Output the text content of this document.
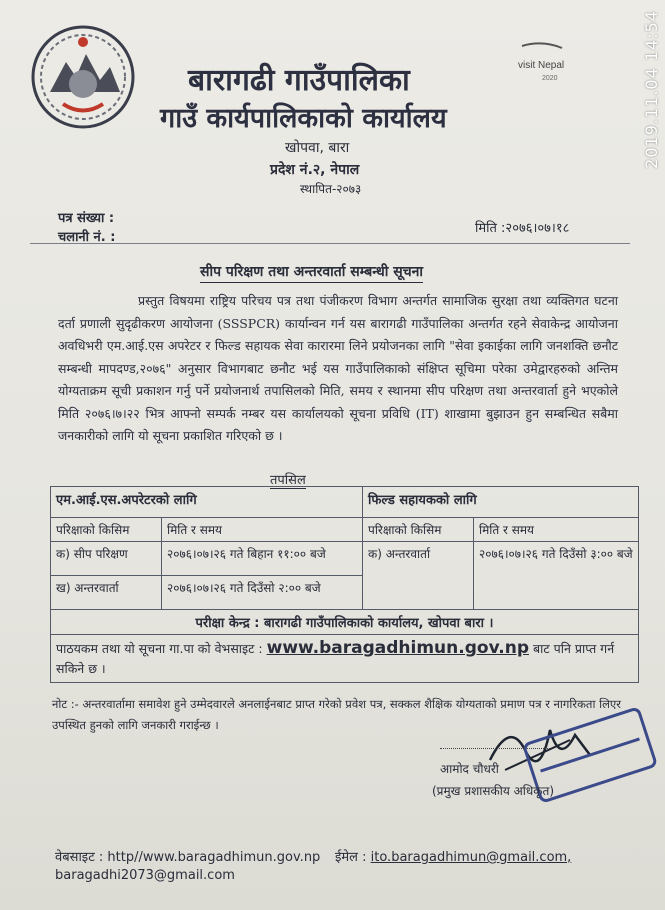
visit Nepal
2020	2019.11.04 14:54
बारागढी गाउँपालिका
गाउँ कार्यपालिकाको कार्यालय
खोपवा, बारा
प्रदेश नं.२, नेपाल
स्थापित-२०७३
पत्र संख्या :
चलानी नं. :
मिति :२०७६।०७।१८
सीप परिक्षण तथा अन्तरवार्ता सम्बन्धी सूचना
प्रस्तुत विषयमा राष्ट्रिय परिचय पत्र तथा पंजीकरण विभाग अन्तर्गत सामाजिक सुरक्षा तथा व्यक्तिगत घटना दर्ता प्रणाली सुदृढीकरण आयोजना (SSSPCR) कार्यान्वन गर्न यस बारागढी गाउँपालिका अन्तर्गत रहने सेवाकेन्द्र आयोजना अवधिभरी एम.आई.एस अपरेटर र फिल्ड सहायक सेवा कारारमा लिने प्रयोजनका लागि "सेवा इकाईका लागि जनशक्ति छनौट सम्बन्धी मापदण्ड,२०७६" अनुसार विभागबाट छनौट भई यस गाउँपालिकाको संक्षिप्त सूचिमा परेका उमेद्वारहरुको अन्तिम योग्यताक्रम सूची प्रकाशन गर्नु पर्ने प्रयोजनार्थ तपासिलको मिति, समय र स्थानमा सीप परिक्षण तथा अन्तरवार्ता हुने भएकोले मिति २०७६।७।२२ भित्र आफ्नो सम्पर्क नम्बर यस कार्यालयको सूचना प्रविधि (IT) शाखामा बुझाउन हुन सम्बन्धित सबैमा जनकारीको लागि यो सूचना प्रकाशित गरिएको छ ।
तपसिल
एम.आई.एस.अपरेटरको लागि		फिल्ड सहायकको लागि	
परिक्षाको किसिम	मिति र समय	परिक्षाको किसिम	मिति र समय
क) सीप परिक्षण	२०७६।०७।२६ गते बिहान ११:०० बजे	क) अन्तरवार्ता	२०७६।०७।२६ गते दिउँसो ३:०० बजे
ख) अन्तरवार्ता	२०७६।०७।२६ गते दिउँसो २:०० बजे		
परीक्षा केन्द्र : बारागढी गाउँपालिकाको कार्यालय, खोपवा बारा ।			
पाठयकम तथा यो सूचना गा.पा को वेभसाइट : www.baragadhimun.gov.np बाट पनि प्राप्त गर्न सकिने छ ।			
नोट :- अन्तरवार्तामा समावेश हुने उम्मेदवारले अनलाईनबाट प्राप्त गरेको प्रवेश पत्र, सक्कल शैक्षिक योग्यताको प्रमाण पत्र र नागरिकता लिएर उपस्थित हुनको लागि जनकारी गराईन्छ ।
आमोद चौधरी
(प्रमुख प्रशासकीय अधिकृत)
वेबसाइट : http//www.baragadhimun.gov.np ईमेल : ito.baragadhimun@gmail.com,
baragadhi2073@gmail.com
